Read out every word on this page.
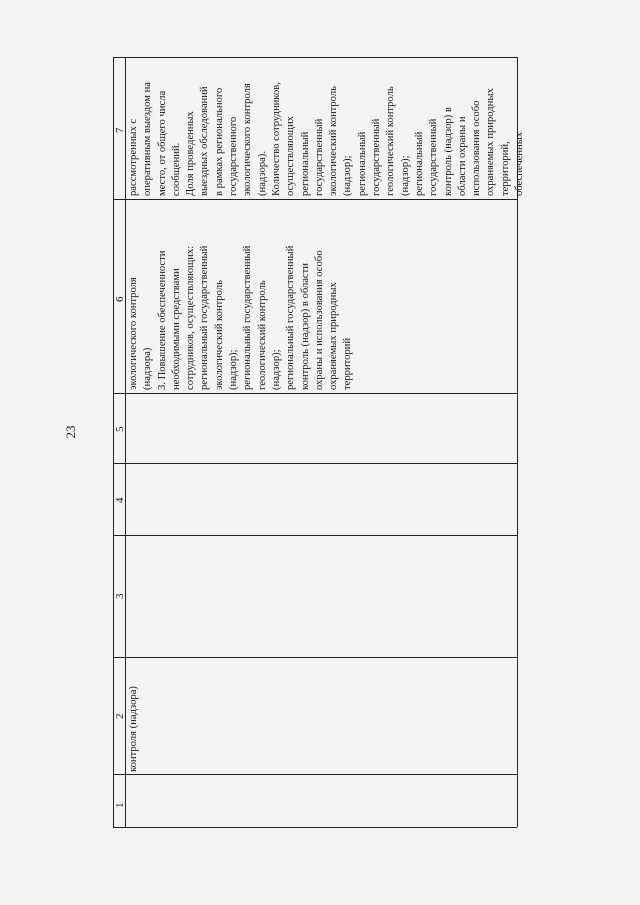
23
1
2
3
4
5
6
7
контроля (надзора)
экологического контроля (надзора) 3. Повышение обеспеченности необходимыми средствами сотрудников, осуществляющих: региональный государственный экологический контроль (надзор); региональный государственный геологический контроль (надзор); региональный государственный контроль (надзор) в области охраны и использования особо охраняемых природных территорий
рассмотренных с оперативным выездом на место, от общего числа сообщений. Доля проведенных выездных обследований в рамках регионального государственного экологического контроля (надзора). Количество сотрудников, осуществляющих региональный государственный экологический контроль (надзор); региональный государственный геологический контроль (надзор); региональный государственный контроль (надзор) в области охраны и использования особо охраняемых природных территорий, обеспеченных
